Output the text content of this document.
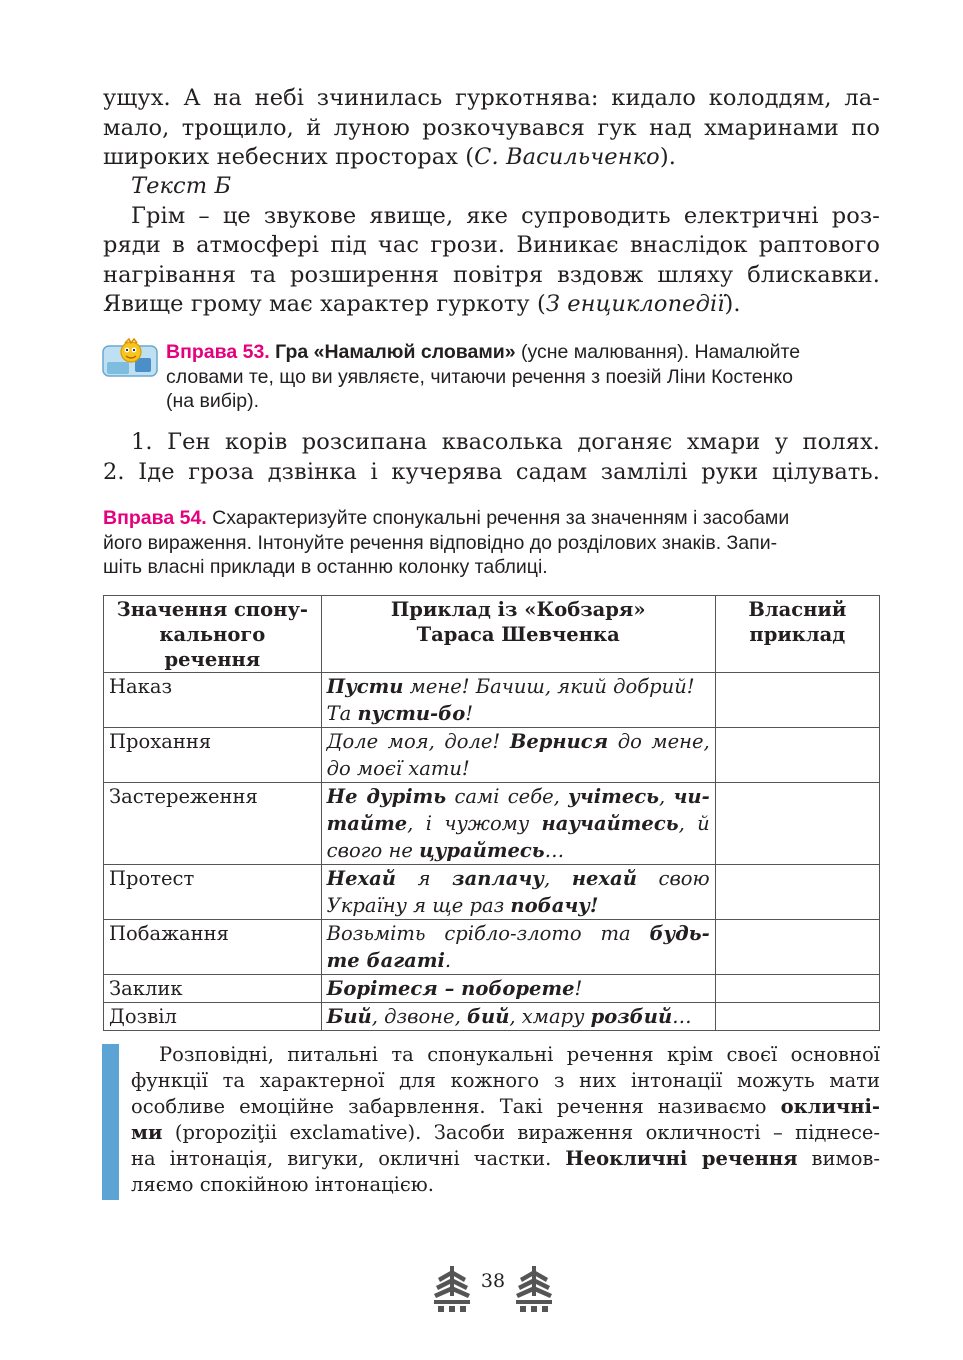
ущух. А на небі зчинилась гуркотнява: кидало колоддям, ла-
мало, трощило, й луною розкочувався гук над хмаринами по
широких небесних просторах (С. Васильченко).
Текст Б
Грім – це звукове явище, яке супроводить електричні роз-
ряди в атмосфері під час грози. Виникає внаслідок раптового
нагрівання та розширення повітря вздовж шляху блискавки.
Явище грому має характер гуркоту (З енциклопедії).
Вправа 53. Гра «Намалюй словами» (усне малювання). Намалюйте
словами те, що ви уявляєте, читаючи речення з поезій Ліни Костенко
(на вибір).
1. Ген корів розсипана квасолька доганяє хмари у полях.
2. Іде гроза дзвінка і кучерява садам замлілі руки цілувать.
Вправа 54. Схарактеризуйте спонукальні речення за значенням і засобами
його вираження. Інтонуйте речення відповідно до розділових знаків. Запи-
шіть власні приклади в останню колонку таблиці.
Значення спону-
кального речення	Приклад із «Кобзаря»
Тараса Шевченка	Власний
приклад
Наказ	Пусти мене! Бачиш, який добрий!
Та пусти-бо!	
Прохання	Доле моя, доле! Вернися до мене,
до моєї хати!	
Застереження	Не дуріть самі себе, учітесь, чи-
тайте, і чужому научайтесь, й
свого не цурайтесь…	
Протест	Нехай я заплачу, нехай свою
Україну я ще раз побачу!	
Побажання	Возьміть срібло-злото та будь-
те багаті.	
Заклик	Борітеся – поборете!	
Дозвіл	Бий, дзвоне, бий, хмару розбий…	
Розповідні, питальні та спонукальні речення крім своєї основної
функції та характерної для кожного з них інтонації можуть мати
особливе емоційне забарвлення. Такі речення називаємо окличні-
ми (propoziţii exclamative). Засоби вираження окличності – піднесе-
на інтонація, вигуки, окличні частки. Неокличні речення вимов-
ляємо спокійною інтонацією.
38
